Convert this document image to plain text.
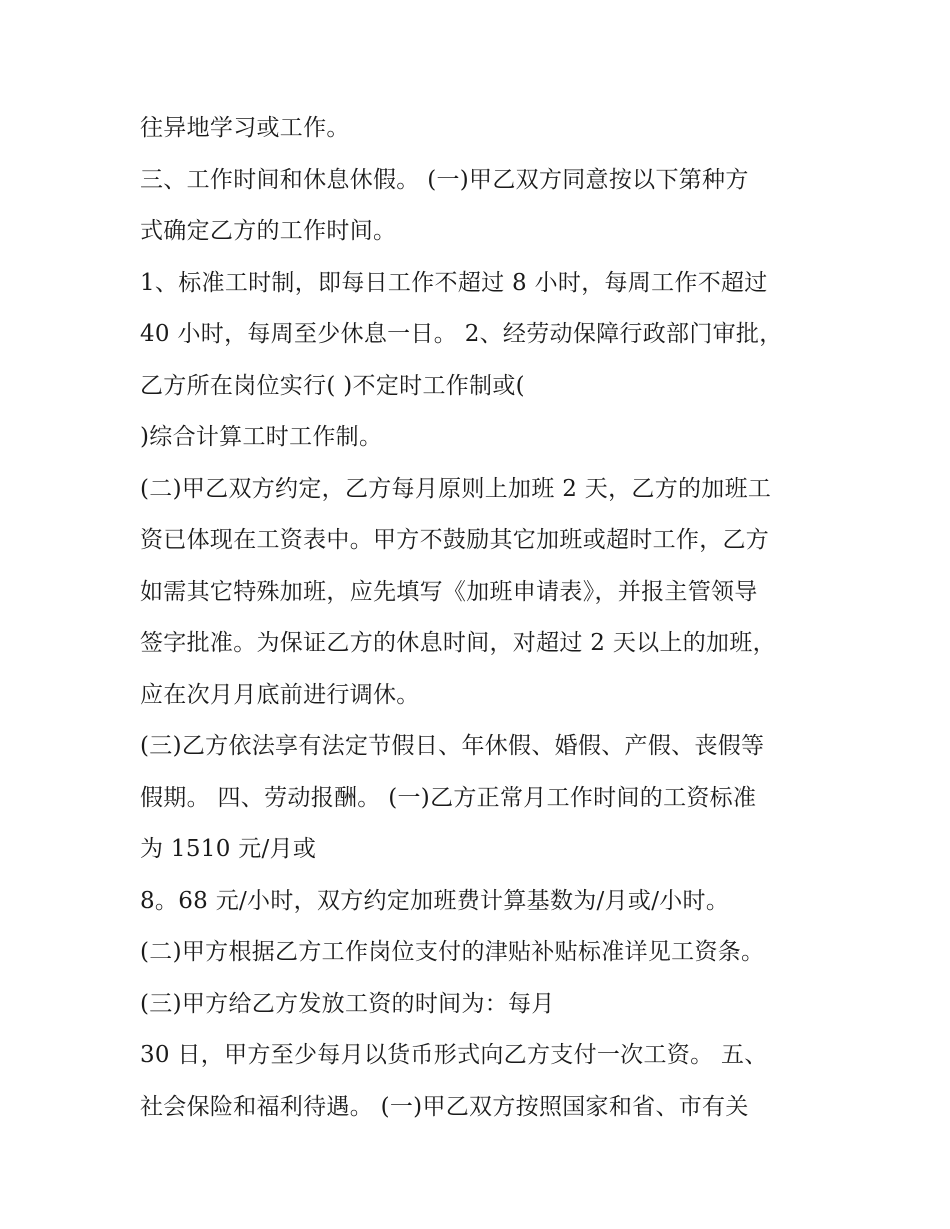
往异地学习或工作。
三、工作时间和休息休假。 (一)甲乙双方同意按以下第种方
式确定乙方的工作时间。
1、标准工时制，即每日工作不超过 8 小时，每周工作不超过
40 小时，每周至少休息一日。 2、经劳动保障行政部门审批，
乙方所在岗位实行( )不定时工作制或(
)综合计算工时工作制。
(二)甲乙双方约定，乙方每月原则上加班 2 天，乙方的加班工
资已体现在工资表中。甲方不鼓励其它加班或超时工作，乙方
如需其它特殊加班，应先填写《加班申请表》，并报主管领导
签字批准。为保证乙方的休息时间，对超过 2 天以上的加班，
应在次月月底前进行调休。
(三)乙方依法享有法定节假日、年休假、婚假、产假、丧假等
假期。 四、劳动报酬。 (一)乙方正常月工作时间的工资标准
为 1510 元/月或
8。68 元/小时，双方约定加班费计算基数为/月或/小时。
(二)甲方根据乙方工作岗位支付的津贴补贴标准详见工资条。
(三)甲方给乙方发放工资的时间为：每月
30 日，甲方至少每月以货币形式向乙方支付一次工资。 五、
社会保险和福利待遇。 (一)甲乙双方按照国家和省、市有关
